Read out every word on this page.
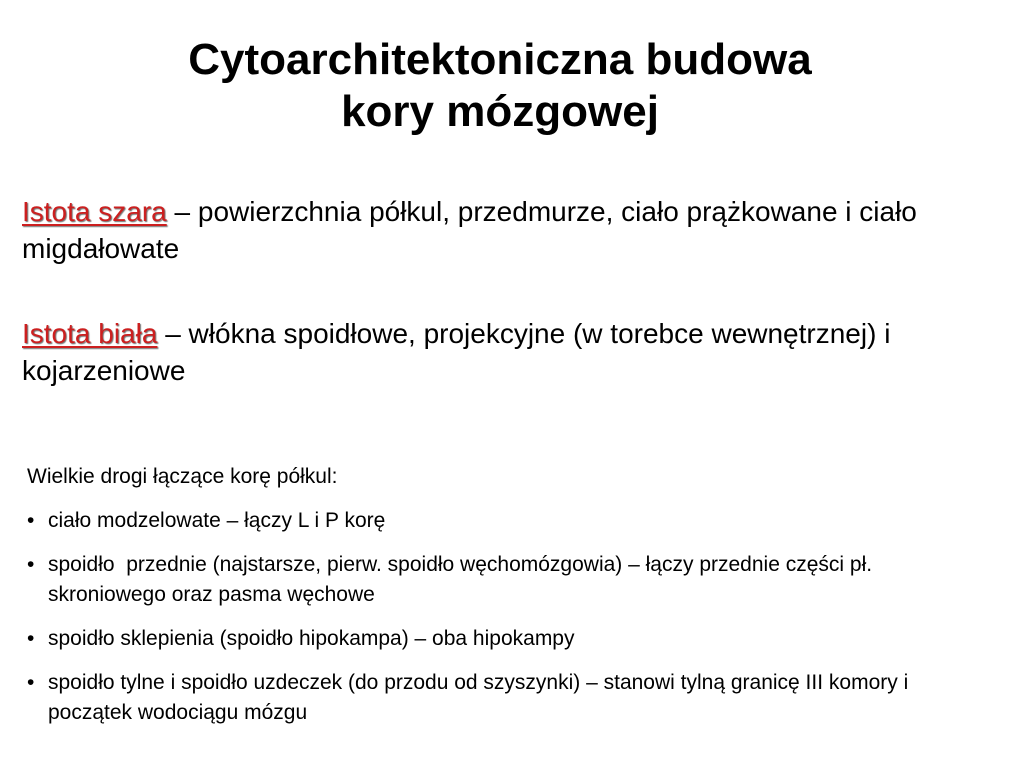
Cytoarchitektoniczna budowa
kory mózgowej

Istota szara – powierzchnia półkul, przedmurze, ciało prążkowane i ciało migdałowate

Istota biała – włókna spoidłowe, projekcyjne (w torebce wewnętrznej) i kojarzeniowe

Wielkie drogi łączące korę półkul:

• ciało modzelowate – łączy L i P korę
• spoidło  przednie (najstarsze, pierw. spoidło węchomózgowia) – łączy przednie części pł. skroniowego oraz pasma węchowe
• spoidło sklepienia (spoidło hipokampa) – oba hipokampy
• spoidło tylne i spoidło uzdeczek (do przodu od szyszynki) – stanowi tylną granicę III komory i początek wodociągu mózgu
